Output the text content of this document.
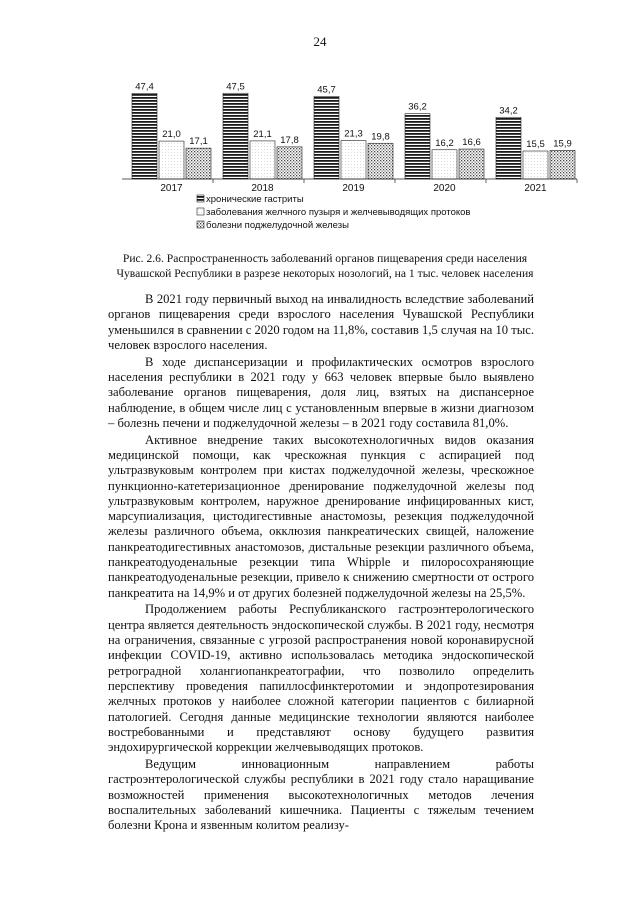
24
47,4
21,0
17,1
2017
47,5
21,1
17,8
2018
45,7
21,3 19,8
2019
36,2
16,2 16,6
2020
34,2
15,5 15,9
2021
хронические гастриты
заболевания желчного пузыря и желчевыводящих протоков
болезни поджелудочной железы
Рис. 2.6. Распространенность заболеваний органов пищеварения среди населения
Чувашской Республики в разрезе некоторых нозологий, на 1 тыс. человек населения

В 2021 году первичный выход на инвалидность вследствие заболеваний органов пищеварения среди взрослого населения Чувашской Республики уменьшился в сравнении с 2020 годом на 11,8%, составив 1,5 случая на 10 тыс. человек взрослого населения.

В ходе диспансеризации и профилактических осмотров взрослого населения республики в 2021 году у 663 человек впервые было выявлено заболевание органов пищеварения, доля лиц, взятых на диспансерное наблюдение, в общем числе лиц с установленным впервые в жизни диагнозом – болезнь печени и поджелудочной железы – в 2021 году составила 81,0%.

Активное внедрение таких высокотехнологичных видов оказания медицинской помощи, как чрескожная пункция с аспирацией под ультразвуковым контролем при кистах поджелудочной железы, чрескожное пункционно-катетеризационное дренирование поджелудочной железы под ультразвуковым контролем, наружное дренирование инфицированных кист, марсупиализация, цистодигестивные анастомозы, резекция поджелудочной железы различного объема, окклюзия панкреатических свищей, наложение панкреатодигестивных анастомозов, дистальные резекции различного объема, панкреатодуоденальные резекции типа Whipple и пилоросохраняющие панкреатодуоденальные резекции, привело к снижению смертности от острого панкреатита на 14,9% и от других болезней поджелудочной железы на 25,5%.

Продолжением работы Республиканского гастроэнтерологического центра является деятельность эндоскопической службы. В 2021 году, несмотря на ограничения, связанные с угрозой распространения новой коронавирусной инфекции COVID-19, активно использовалась методика эндоскопической ретроградной холангиопанкреатографии, что позволило определить перспективу проведения папиллосфинктеротомии и эндопротезирования желчных протоков у наиболее сложной категории пациентов с билиарной патологией. Сегодня данные медицинские технологии являются наиболее востребованными и представляют основу будущего развития эндохирургической коррекции желчевыводящих протоков.

Ведущим инновационным направлением работы гастроэнтерологической службы республики в 2021 году стало наращивание возможностей применения высокотехнологичных методов лечения воспалительных заболеваний кишечника. Пациенты с тяжелым течением болезни Крона и язвенным колитом реализу-
